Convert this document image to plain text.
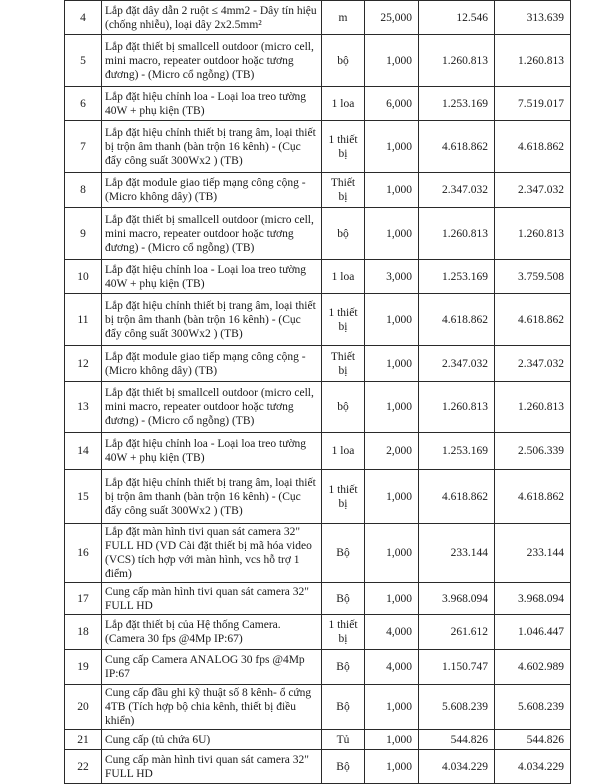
4	Lắp đặt dây dẫn 2 ruột ≤ 4mm2 - Dây tín hiệu (chống nhiễu), loại dây 2x2.5mm²	m	25,000	12.546	313.639
5	Lắp đặt thiết bị smallcell outdoor (micro cell, mini macro, repeater outdoor hoặc tương đương) - (Micro cổ ngỗng) (TB)	bộ	1,000	1.260.813	1.260.813
6	Lắp đặt hiệu chỉnh loa - Loại loa treo tường 40W + phụ kiện (TB)	1 loa	6,000	1.253.169	7.519.017
7	Lắp đặt hiệu chỉnh thiết bị trang âm, loại thiết bị trộn âm thanh (bàn trộn 16 kênh) - (Cục đẩy công suất 300Wx2 ) (TB)	1 thiết bị	1,000	4.618.862	4.618.862
8	Lắp đặt module giao tiếp mạng công cộng - (Micro không dây) (TB)	Thiết bị	1,000	2.347.032	2.347.032
9	Lắp đặt thiết bị smallcell outdoor (micro cell, mini macro, repeater outdoor hoặc tương đương) - (Micro cổ ngỗng) (TB)	bộ	1,000	1.260.813	1.260.813
10	Lắp đặt hiệu chỉnh loa - Loại loa treo tường 40W + phụ kiện (TB)	1 loa	3,000	1.253.169	3.759.508
11	Lắp đặt hiệu chỉnh thiết bị trang âm, loại thiết bị trộn âm thanh (bàn trộn 16 kênh) - (Cục đẩy công suất 300Wx2 ) (TB)	1 thiết bị	1,000	4.618.862	4.618.862
12	Lắp đặt module giao tiếp mạng công cộng - (Micro không dây) (TB)	Thiết bị	1,000	2.347.032	2.347.032
13	Lắp đặt thiết bị smallcell outdoor (micro cell, mini macro, repeater outdoor hoặc tương đương) - (Micro cổ ngỗng) (TB)	bộ	1,000	1.260.813	1.260.813
14	Lắp đặt hiệu chỉnh loa - Loại loa treo tường 40W + phụ kiện (TB)	1 loa	2,000	1.253.169	2.506.339
15	Lắp đặt hiệu chỉnh thiết bị trang âm, loại thiết bị trộn âm thanh (bàn trộn 16 kênh) - (Cục đẩy công suất 300Wx2 ) (TB)	1 thiết bị	1,000	4.618.862	4.618.862
16	Lắp đặt màn hình tivi quan sát camera 32" FULL HD (VD Cài đặt thiết bị mã hóa video (VCS) tích hợp với màn hình, vcs hỗ trợ 1 điểm)	Bộ	1,000	233.144	233.144
17	Cung cấp màn hình tivi quan sát camera 32" FULL HD	Bộ	1,000	3.968.094	3.968.094
18	Lắp đặt thiết bị của Hệ thống Camera. (Camera 30 fps @4Mp IP:67)	1 thiết bị	4,000	261.612	1.046.447
19	Cung cấp Camera ANALOG 30 fps @4Mp IP:67	Bộ	4,000	1.150.747	4.602.989
20	Cung cấp đầu ghi kỹ thuật số 8 kênh- ổ cứng 4TB (Tích hợp bộ chia kênh, thiết bị điều khiển)	Bộ	1,000	5.608.239	5.608.239
21	Cung cấp (tủ chứa 6U)	Tủ	1,000	544.826	544.826
22	Cung cấp màn hình tivi quan sát camera 32" FULL HD	Bộ	1,000	4.034.229	4.034.229
